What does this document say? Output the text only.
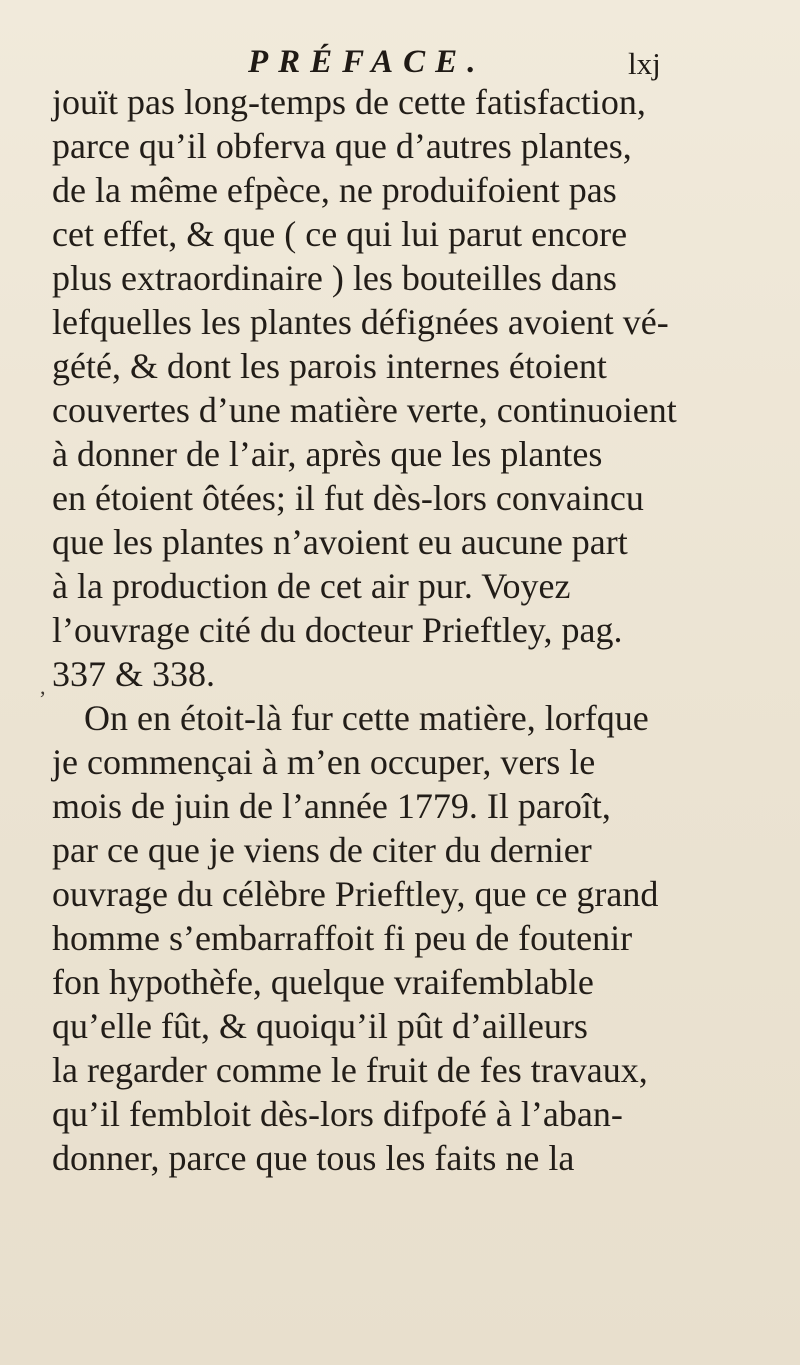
PRÉFACE.	lxj
,
jouït pas long-temps de cette fatisfaction,
parce qu’il obferva que d’autres plantes,
de la même efpèce, ne produifoient pas
cet effet, & que ( ce qui lui parut encore
plus extraordinaire ) les bouteilles dans
lefquelles les plantes défignées avoient vé-
gété, & dont les parois internes étoient
couvertes d’une matière verte, continuoient
à donner de l’air, après que les plantes
en étoient ôtées; il fut dès-lors convaincu
que les plantes n’avoient eu aucune part
à la production de cet air pur. Voyez
l’ouvrage cité du docteur Prieftley, pag.
337 & 338.
On en étoit-là fur cette matière, lorfque
je commençai à m’en occuper, vers le
mois de juin de l’année 1779. Il paroît,
par ce que je viens de citer du dernier
ouvrage du célèbre Prieftley, que ce grand
homme s’embarraffoit fi peu de foutenir
fon hypothèfe, quelque vraifemblable
qu’elle fût, & quoiqu’il pût d’ailleurs
la regarder comme le fruit de fes travaux,
qu’il fembloit dès-lors difpofé à l’aban-
donner, parce que tous les faits ne la
